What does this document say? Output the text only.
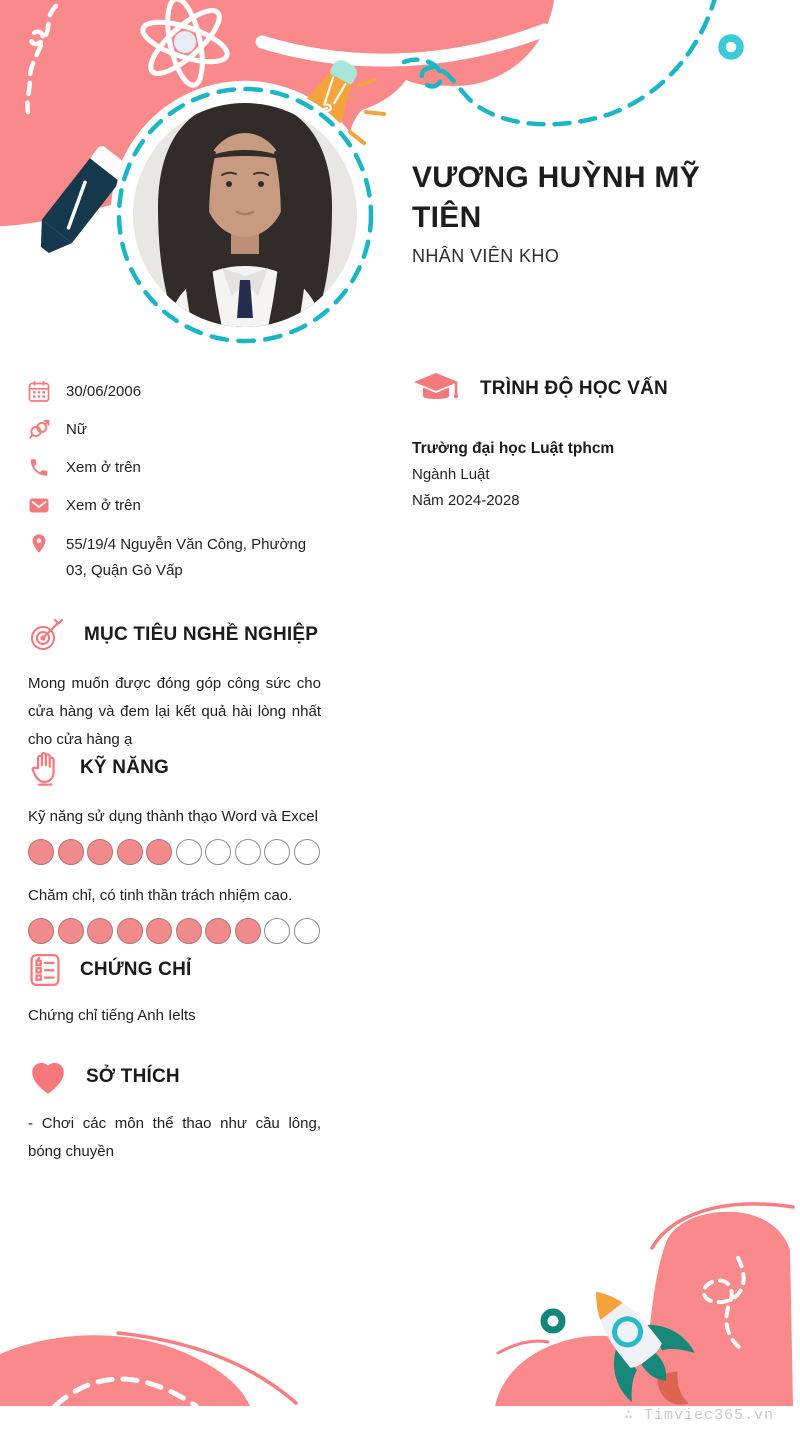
VƯƠNG HUỲNH MỸ TIÊN
NHÂN VIÊN KHO
30/06/2006
Nữ
Xem ở trên
Xem ở trên
55/19/4 Nguyễn Văn Công, Phường 03, Quận Gò Vấp
TRÌNH ĐỘ HỌC VẤN
Trường đại học Luật tphcm
Ngành Luật
Năm 2024-2028
MỤC TIÊU NGHỀ NGHIỆP
Mong muốn được đóng góp công sức cho cửa hàng và đem lại kết quả hài lòng nhất cho cửa hàng ạ
KỸ NĂNG
Kỹ năng sử dụng thành thạo Word và Excel
Chăm chỉ, có tinh thần trách nhiệm cao.
CHỨNG CHỈ
Chứng chỉ tiếng Anh Ielts
SỞ THÍCH
- Chơi các môn thể thao như cầu lông, bóng chuyền
∴ Timviec365.vn
